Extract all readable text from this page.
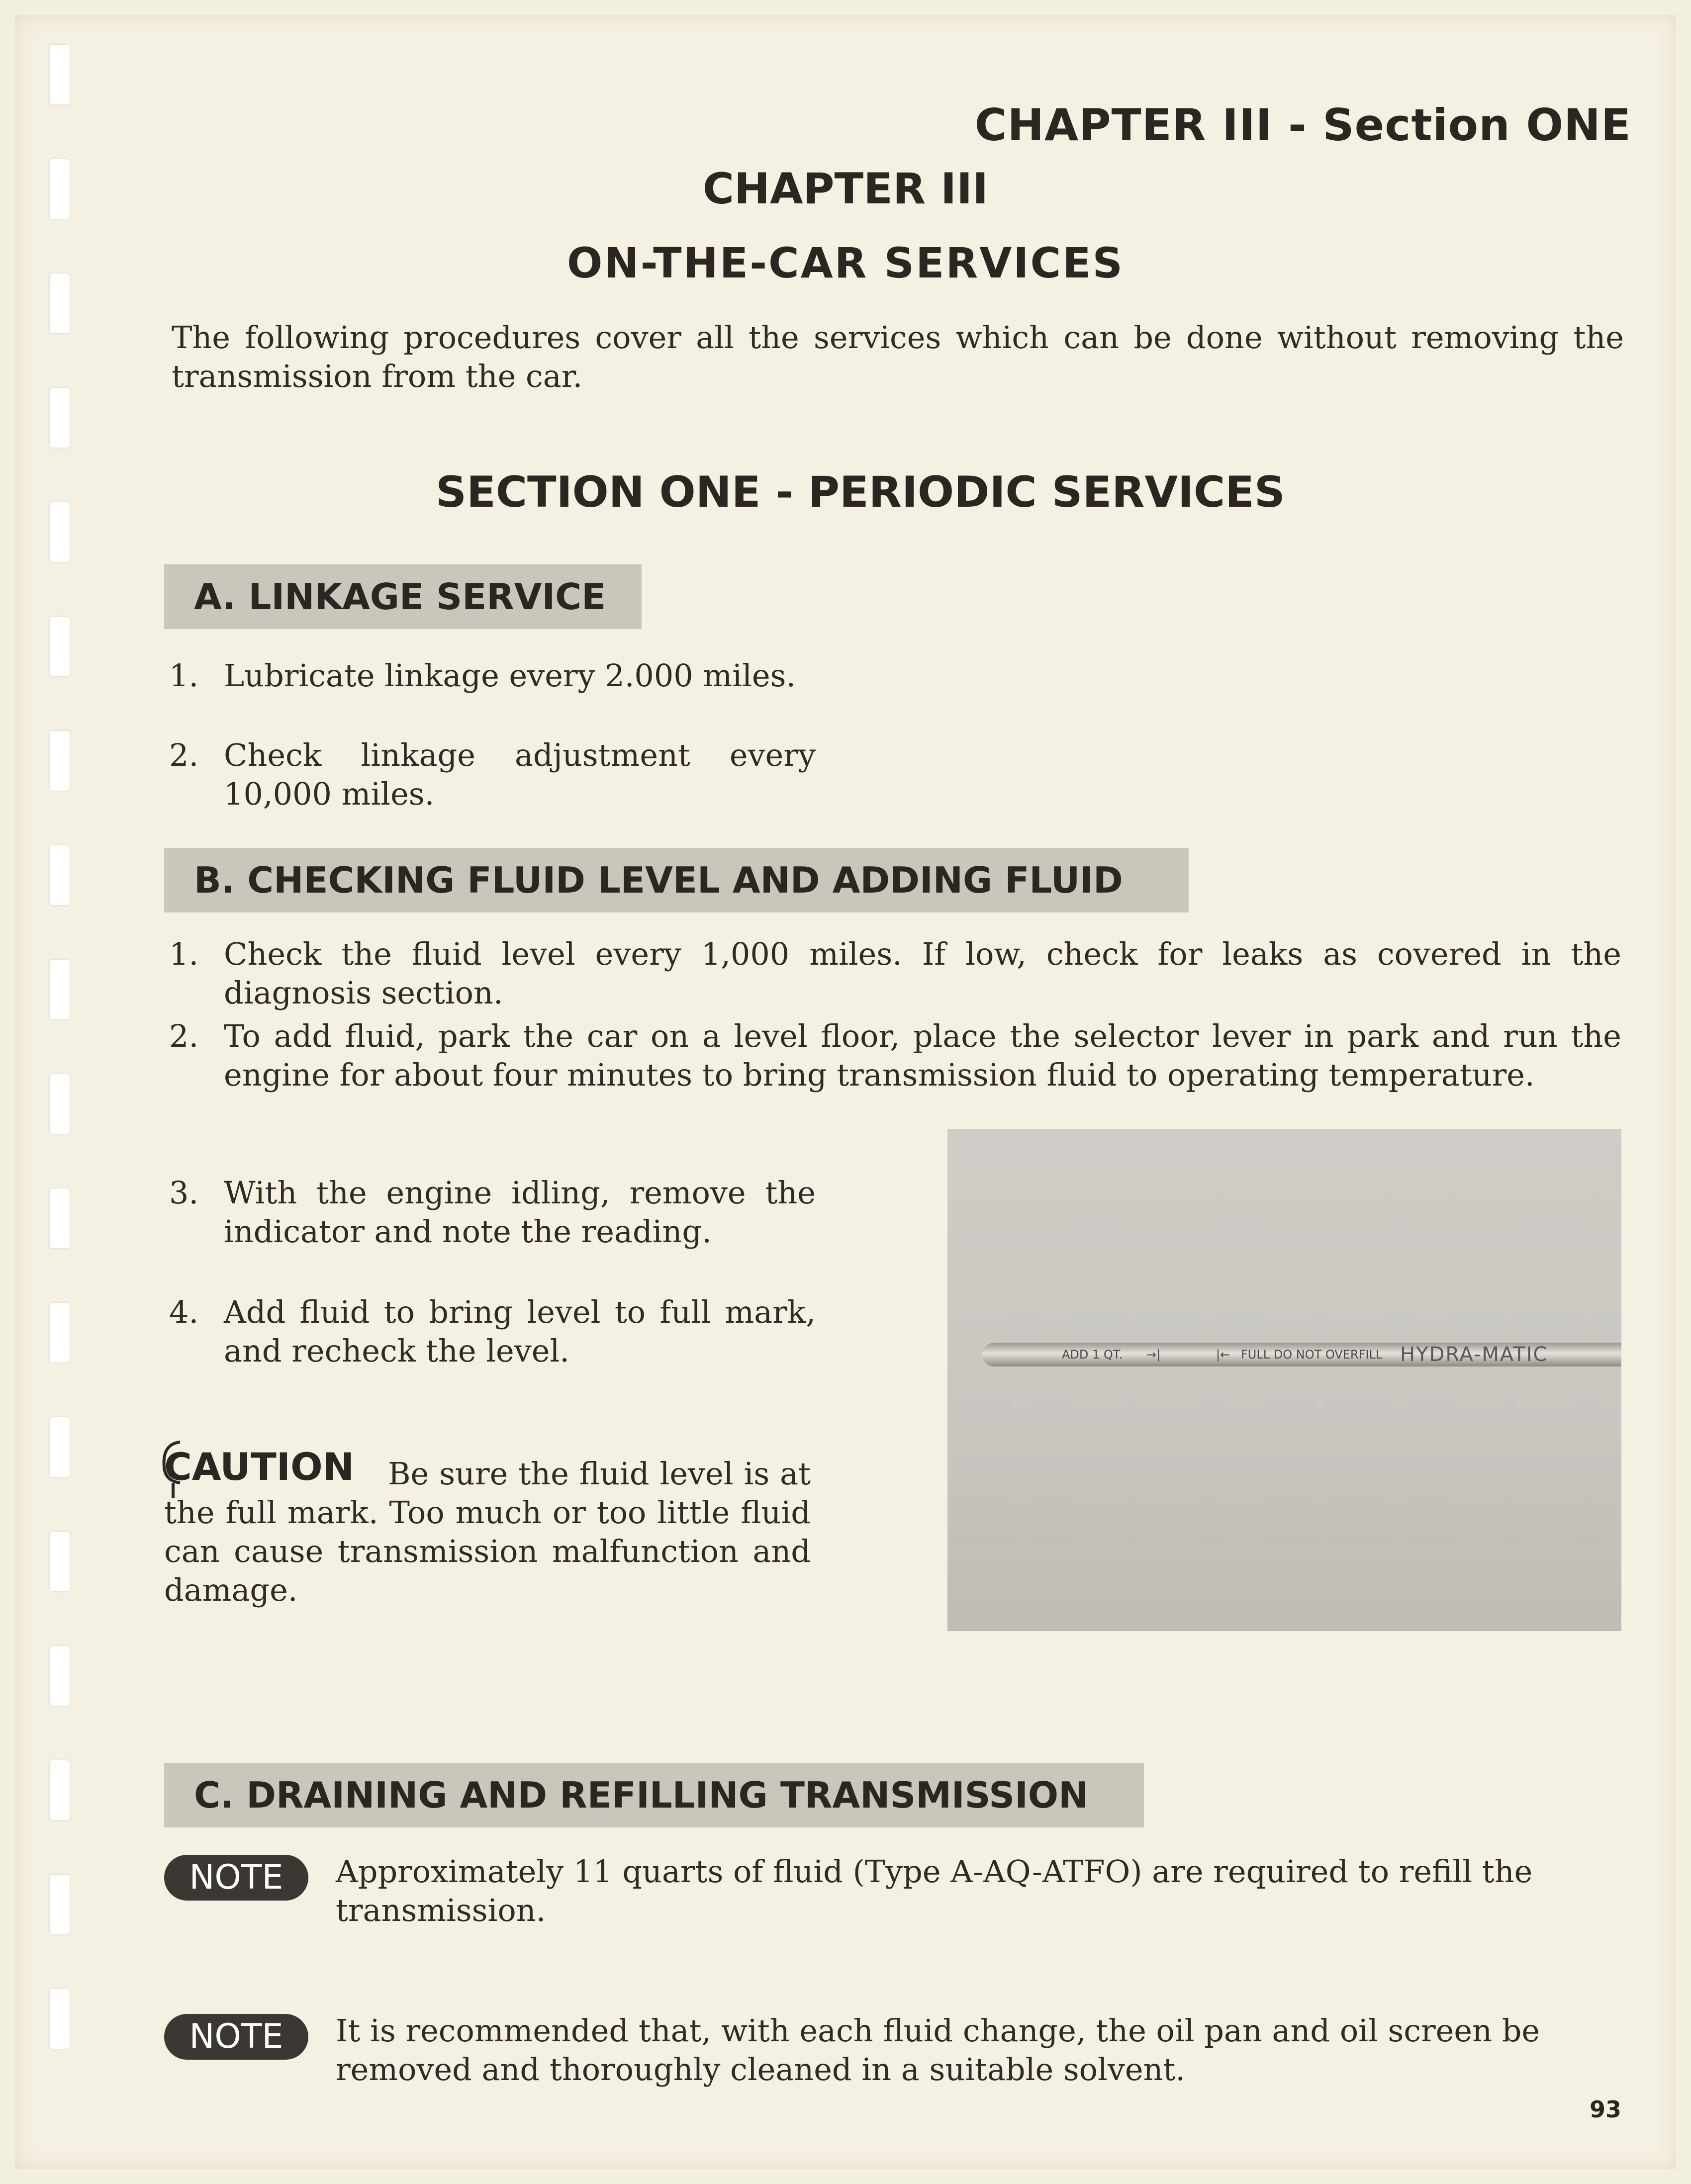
CHAPTER III - Section ONE
CHAPTER III
ON-THE-CAR SERVICES
The following procedures cover all the services which can be done without removing the transmission from the car.
SECTION ONE - PERIODIC SERVICES
A. LINKAGE SERVICE
1. Lubricate linkage every 2.000 miles.
2. Check linkage adjustment every 10,000 miles.
B. CHECKING FLUID LEVEL AND ADDING FLUID
1. Check the fluid level every 1,000 miles. If low, check for leaks as covered in the diagnosis section.
2. To add fluid, park the car on a level floor, place the selector lever in park and run the engine for about four minutes to bring transmission fluid to operating temperature.
3. With the engine idling, remove the indicator and note the reading.
4. Add fluid to bring level to full mark, and recheck the level.	ADD 1 QT. →|	|← FULL DO NOT OVERFILL HYDRA-MATIC
CAUTION	Be sure the fluid level is at the full mark. Too much or too little fluid can cause transmission malfunction and damage.
C. DRAINING AND REFILLING TRANSMISSION
NOTE	Approximately 11 quarts of fluid (Type A-AQ-ATFO) are required to refill the transmission.
NOTE	It is recommended that, with each fluid change, the oil pan and oil screen be removed and thoroughly cleaned in a suitable solvent.
93
